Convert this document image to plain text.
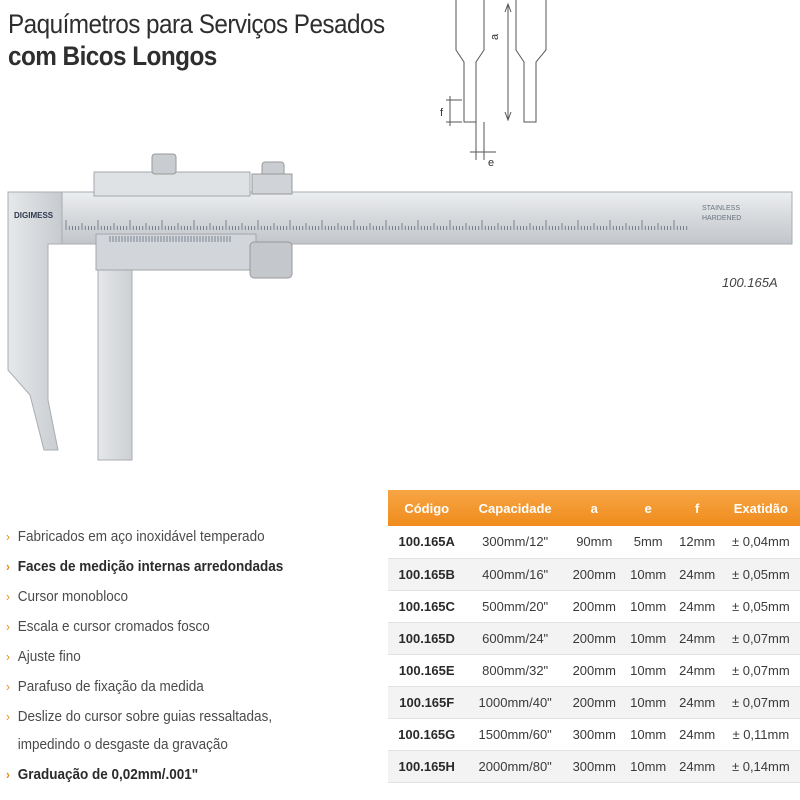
Paquímetros para Serviços Pesados
com Bicos Longos
a
f
e
DIGIMESS
STAINLESS
HARDENED
100.165A
› Fabricados em aço inoxidável temperado
› Faces de medição internas arredondadas
› Cursor monobloco
› Escala e cursor cromados fosco
› Ajuste fino
› Parafuso de fixação da medida
› Deslize do cursor sobre guias ressaltadas,
impedindo o desgaste da gravação
› Graduação de 0,02mm/.001"
Código	Capacidade	a	e	f	Exatidão
100.165A	300mm/12"	90mm	5mm	12mm	± 0,04mm
100.165B	400mm/16"	200mm	10mm	24mm	± 0,05mm
100.165C	500mm/20"	200mm	10mm	24mm	± 0,05mm
100.165D	600mm/24"	200mm	10mm	24mm	± 0,07mm
100.165E	800mm/32"	200mm	10mm	24mm	± 0,07mm
100.165F	1000mm/40"	200mm	10mm	24mm	± 0,07mm
100.165G	1500mm/60"	300mm	10mm	24mm	± 0,11mm
100.165H	2000mm/80"	300mm	10mm	24mm	± 0,14mm
